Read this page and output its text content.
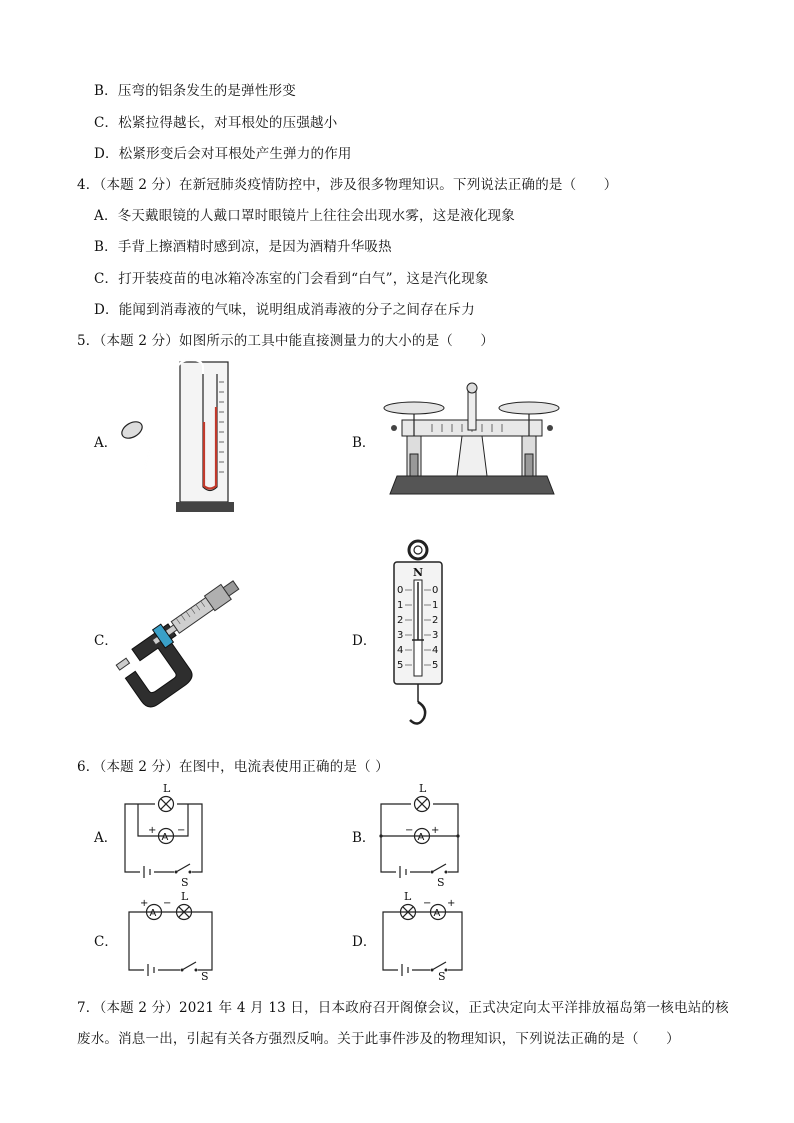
B．压弯的铝条发生的是弹性形变
C．松紧拉得越长，对耳根处的压强越小
D．松紧形变后会对耳根处产生弹力的作用
4．（本题 2 分）在新冠肺炎疫情防控中，涉及很多物理知识。下列说法正确的是（　　）
A．冬天戴眼镜的人戴口罩时眼镜片上往往会出现水雾，这是液化现象
B．手背上擦酒精时感到凉，是因为酒精升华吸热
C．打开装疫苗的电冰箱冷冻室的门会看到“白气”，这是汽化现象
D．能闻到消毒液的气味，说明组成消毒液的分子之间存在斥力
5．（本题 2 分）如图所示的工具中能直接测量力的大小的是（　　）
A．	B．
C．	D．
N
0
1
2
3
4
5
0
1
2
3
4
5
6．（本题 2 分）在图中，电流表使用正确的是（ ）
A．
L
A
+ −
S
B．
L
A
− +
S
C．
A
+ −
L
S
D．
L
A
− +
S
7．（本题 2 分）2021 年 4 月 13 日，日本政府召开阁僚会议，正式决定向太平洋排放福岛第一核电站的核
废水。消息一出，引起有关各方强烈反响。关于此事件涉及的物理知识，下列说法正确的是（　　）
